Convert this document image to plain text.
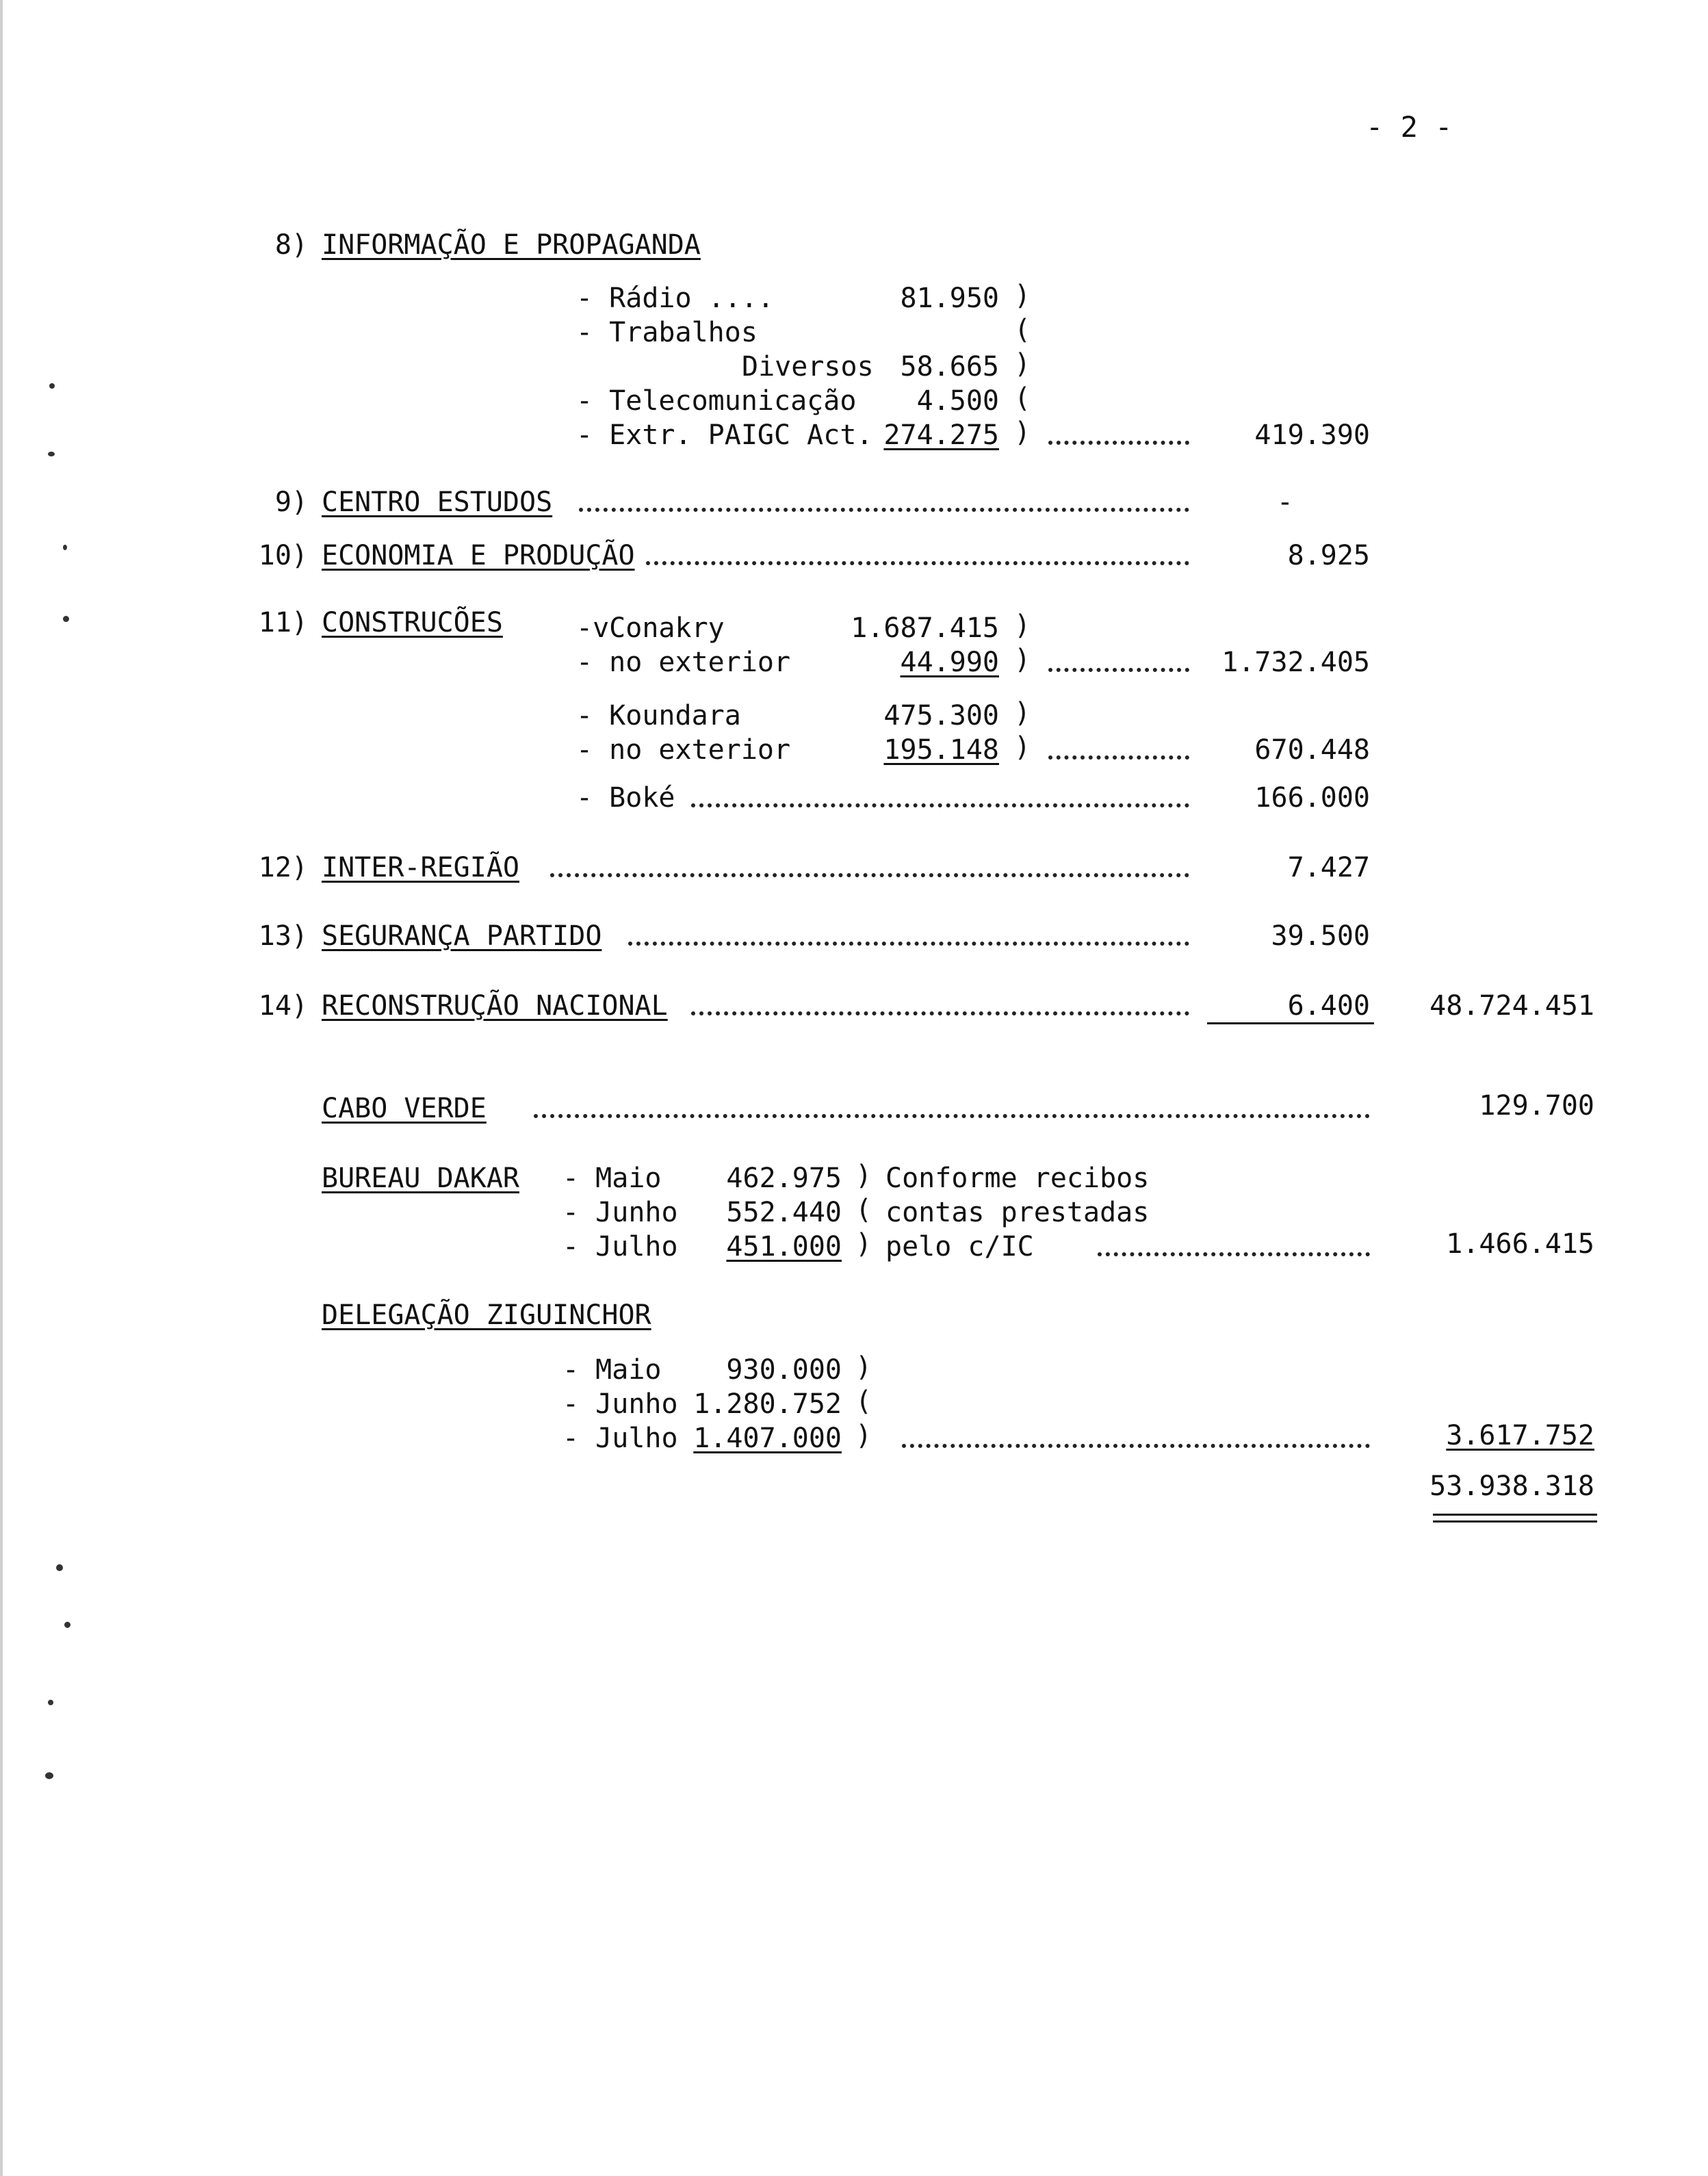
- 2 -
8) INFORMAÇÃO E PROPAGANDA
- Rádio ....	81.950 )
- Trabalhos	(
Diversos 58.665 )
- Telecomunicação	4.500 (
- Extr. PAIGC Act. 274.275 )	419.390
9) CENTRO ESTUDOS	-
10) ECONOMIA E PRODUÇÃO	8.925
11) CONSTRUCÕES	-vConakry	1.687.415 )
- no exterior	44.990 )	1.732.405
- Koundara	475.300 )
- no exterior	195.148 )	670.448
- Boké	166.000
12) INTER-REGIÃO	7.427
13) SEGURANÇA PARTIDO	39.500
14) RECONSTRUÇÃO NACIONAL	6.400	48.724.451
CABO VERDE	129.700
BUREAU DAKAR - Maio	462.975 ) Conforme recibos
- Junho	552.440 ( contas prestadas
- Julho	451.000 ) pelo c/IC	1.466.415
DELEGAÇÃO ZIGUINCHOR
- Maio	930.000 )
- Junho 1.280.752 (
- Julho 1.407.000 )	3.617.752
53.938.318
